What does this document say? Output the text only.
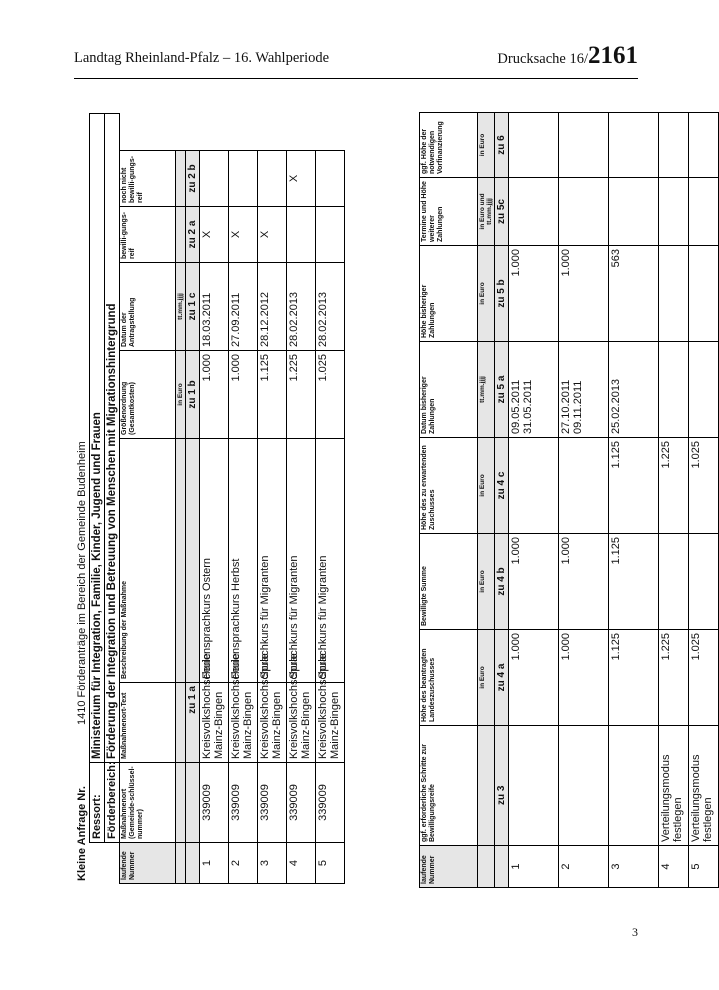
Landtag Rheinland-Pfalz – 16. Wahlperiode	Drucksache 16/2161
Kleine Anfrage Nr.	1410 Förderanträge im Bereich der Gemeinde Budenheim
	Ressort:	Ministerium für Integration, Familie, Kinder, Jugend und Frauen						
	Förderbereich:	Förderung der Integration und Betreuung von Menschen mit Migrationshintergrund						
laufende Nummer	Maßnahmenort (Gemeinde-schlüssel-nummer)	Maßnahmenort-Text	Beschreibung der Maßnahme	Größenordnung (Gesamtkosten)	Datum der Antragstellung	bewilli-gungs-reif	noch nicht bewilli-gungs-reif	
				in Euro	tt.mm.jjjj			
		zu 1 a		zu 1 b	zu 1 c	zu 2 a	zu 2 b	
1	339009	Kreisvolkshochschule Mainz-Bingen	Feriensprachkurs Ostern	1.000	18.03.2011	X		
2	339009	Kreisvolkshochschule Mainz-Bingen	Feriensprachkurs Herbst	1.000	27.09.2011	X		
3	339009	Kreisvolkshochschule Mainz-Bingen	Sprachkurs für Migranten	1.125	28.12.2012	X		
4	339009	Kreisvolkshochschule Mainz-Bingen	Sprachkurs für Migranten	1.225	28.02.2013		X	
5	339009	Kreisvolkshochschule Mainz-Bingen	Sprachkurs für Migranten	1.025	28.02.2013			
laufende Nummer	ggf. erforderliche Schritte zur Bewilligungsreife	Höhe des beantragten Landeszuschusses	Bewilligte Summe	Höhe des zu erwartenden Zuschusses	Datum bisheriger Zahlungen	Höhe bisheriger Zahlungen	Termine und Höhe weiterer Zahlungen	ggf. Höhe der notwendigen Vorfinanzierung
		in Euro	in Euro	in Euro	tt.mm.jjjj	in Euro	in Euro und tt.mm.jjjj	in Euro
	zu 3	zu 4 a	zu 4 b	zu 4 c	zu 5 a	zu 5 b	zu 5c	zu 6
1		1.000	1.000		09.05.2011 31.05.2011	1.000		
2		1.000	1.000		27.10.2011 09.11.2011	1.000		
3		1.125	1.125	1.125	25.02.2013	563		
4	Verteilungsmodus festlegen	1.225		1.225				
5	Verteilungsmodus festlegen	1.025		1.025				
3
